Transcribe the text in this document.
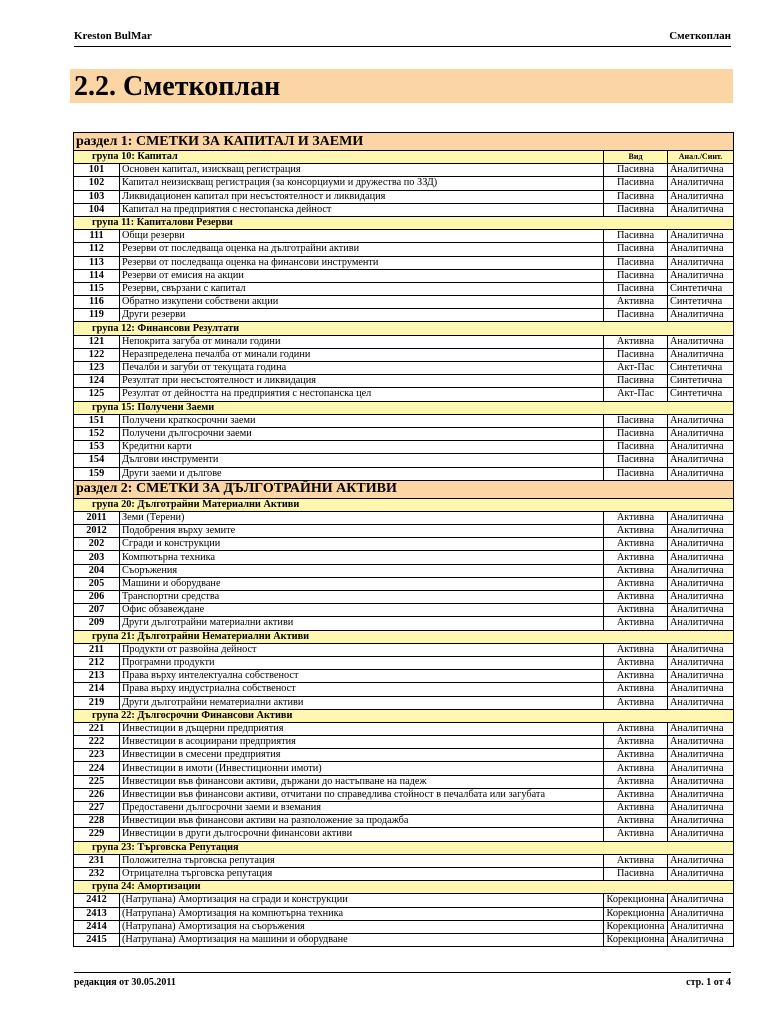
Kreston BulMar	Сметкоплан
2.2. Сметкоплан
раздел 1: СМЕТКИ ЗА КАПИТАЛ И ЗАЕМИ			
група 10: Капитал		Вид	Анал./Синт.
101	Основен капитал, изискващ регистрация	Пасивна	Аналитична
102	Капитал неизискващ регистрация (за консорциуми и дружества по ЗЗД)	Пасивна	Аналитична
103	Ликвидационен капитал при несъстоятелност и ликвидация	Пасивна	Аналитична
104	Капитал на предприятия с нестопанска дейност	Пасивна	Аналитична
група 11: Капиталови Резерви			
111	Общи резерви	Пасивна	Аналитична
112	Резерви от последваща оценка на дълготрайни активи	Пасивна	Аналитична
113	Резерви от последваща оценка на финансови инструменти	Пасивна	Аналитична
114	Резерви от емисия на акции	Пасивна	Аналитична
115	Резерви, свързани с капитал	Пасивна	Синтетична
116	Обратно изкупени собствени акции	Активна	Синтетична
119	Други резерви	Пасивна	Аналитична
група 12: Финансови Резултати			
121	Непокрита загуба от минали години	Активна	Аналитична
122	Неразпределена печалба от минали години	Пасивна	Аналитична
123	Печалби и загуби от текущата година	Акт-Пас	Синтетична
124	Резултат при несъстоятелност и ликвидация	Пасивна	Синтетична
125	Резултат от дейността на предприятия с нестопанска цел	Акт-Пас	Синтетична
група 15: Получени Заеми			
151	Получени краткосрочни заеми	Пасивна	Аналитична
152	Получени дългосрочни заеми	Пасивна	Аналитична
153	Кредитни карти	Пасивна	Аналитична
154	Дългови инструменти	Пасивна	Аналитична
159	Други заеми и дългове	Пасивна	Аналитична
раздел 2: СМЕТКИ ЗА ДЪЛГОТРАЙНИ АКТИВИ			
група 20: Дълготрайни Материални Активи			
2011	Земи (Терени)	Активна	Аналитична
2012	Подобрения върху земите	Активна	Аналитична
202	Сгради и конструкции	Активна	Аналитична
203	Компютърна техника	Активна	Аналитична
204	Съоръжения	Активна	Аналитична
205	Машини и оборудване	Активна	Аналитична
206	Транспортни средства	Активна	Аналитична
207	Офис обзавеждане	Активна	Аналитична
209	Други дълготрайни материални активи	Активна	Аналитична
група 21: Дълготрайни Нематериални Активи			
211	Продукти от развойна дейност	Активна	Аналитична
212	Програмни продукти	Активна	Аналитична
213	Права върху интелектуална собственост	Активна	Аналитична
214	Права върху индустриална собственост	Активна	Аналитична
219	Други дълготрайни нематериални активи	Активна	Аналитична
група 22: Дългосрочни Финансови Активи			
221	Инвестиции в дъщерни предприятия	Активна	Аналитична
222	Инвестиции в асоциирани предприятия	Активна	Аналитична
223	Инвестиции в смесени предприятия	Активна	Аналитична
224	Инвестиции в имоти (Инвестиционни имоти)	Активна	Аналитична
225	Инвестиции във финансови активи, държани до настъпване на падеж	Активна	Аналитична
226	Инвестиции във финансови активи, отчитани по справедлива стойност в печалбата или загубата	Активна	Аналитична
227	Предоставени дългосрочни заеми и вземания	Активна	Аналитична
228	Инвестиции във финансови активи на разположение за продажба	Активна	Аналитична
229	Инвестиции в други дългосрочни финансови активи	Активна	Аналитична
група 23: Търговска Репутация			
231	Положителна търговска репутация	Активна	Аналитична
232	Отрицателна търговска репутация	Пасивна	Аналитична
група 24: Амортизации			
2412	(Натрупана) Амортизация на сгради и конструкции	Корекционна	Аналитична
2413	(Натрупана) Амортизация на компютърна техника	Корекционна	Аналитична
2414	(Натрупана) Амортизация на съоръжения	Корекционна	Аналитична
2415	(Натрупана) Амортизация на машини и оборудване	Корекционна	Аналитична
редакция от 30.05.2011	стр. 1 от 4
